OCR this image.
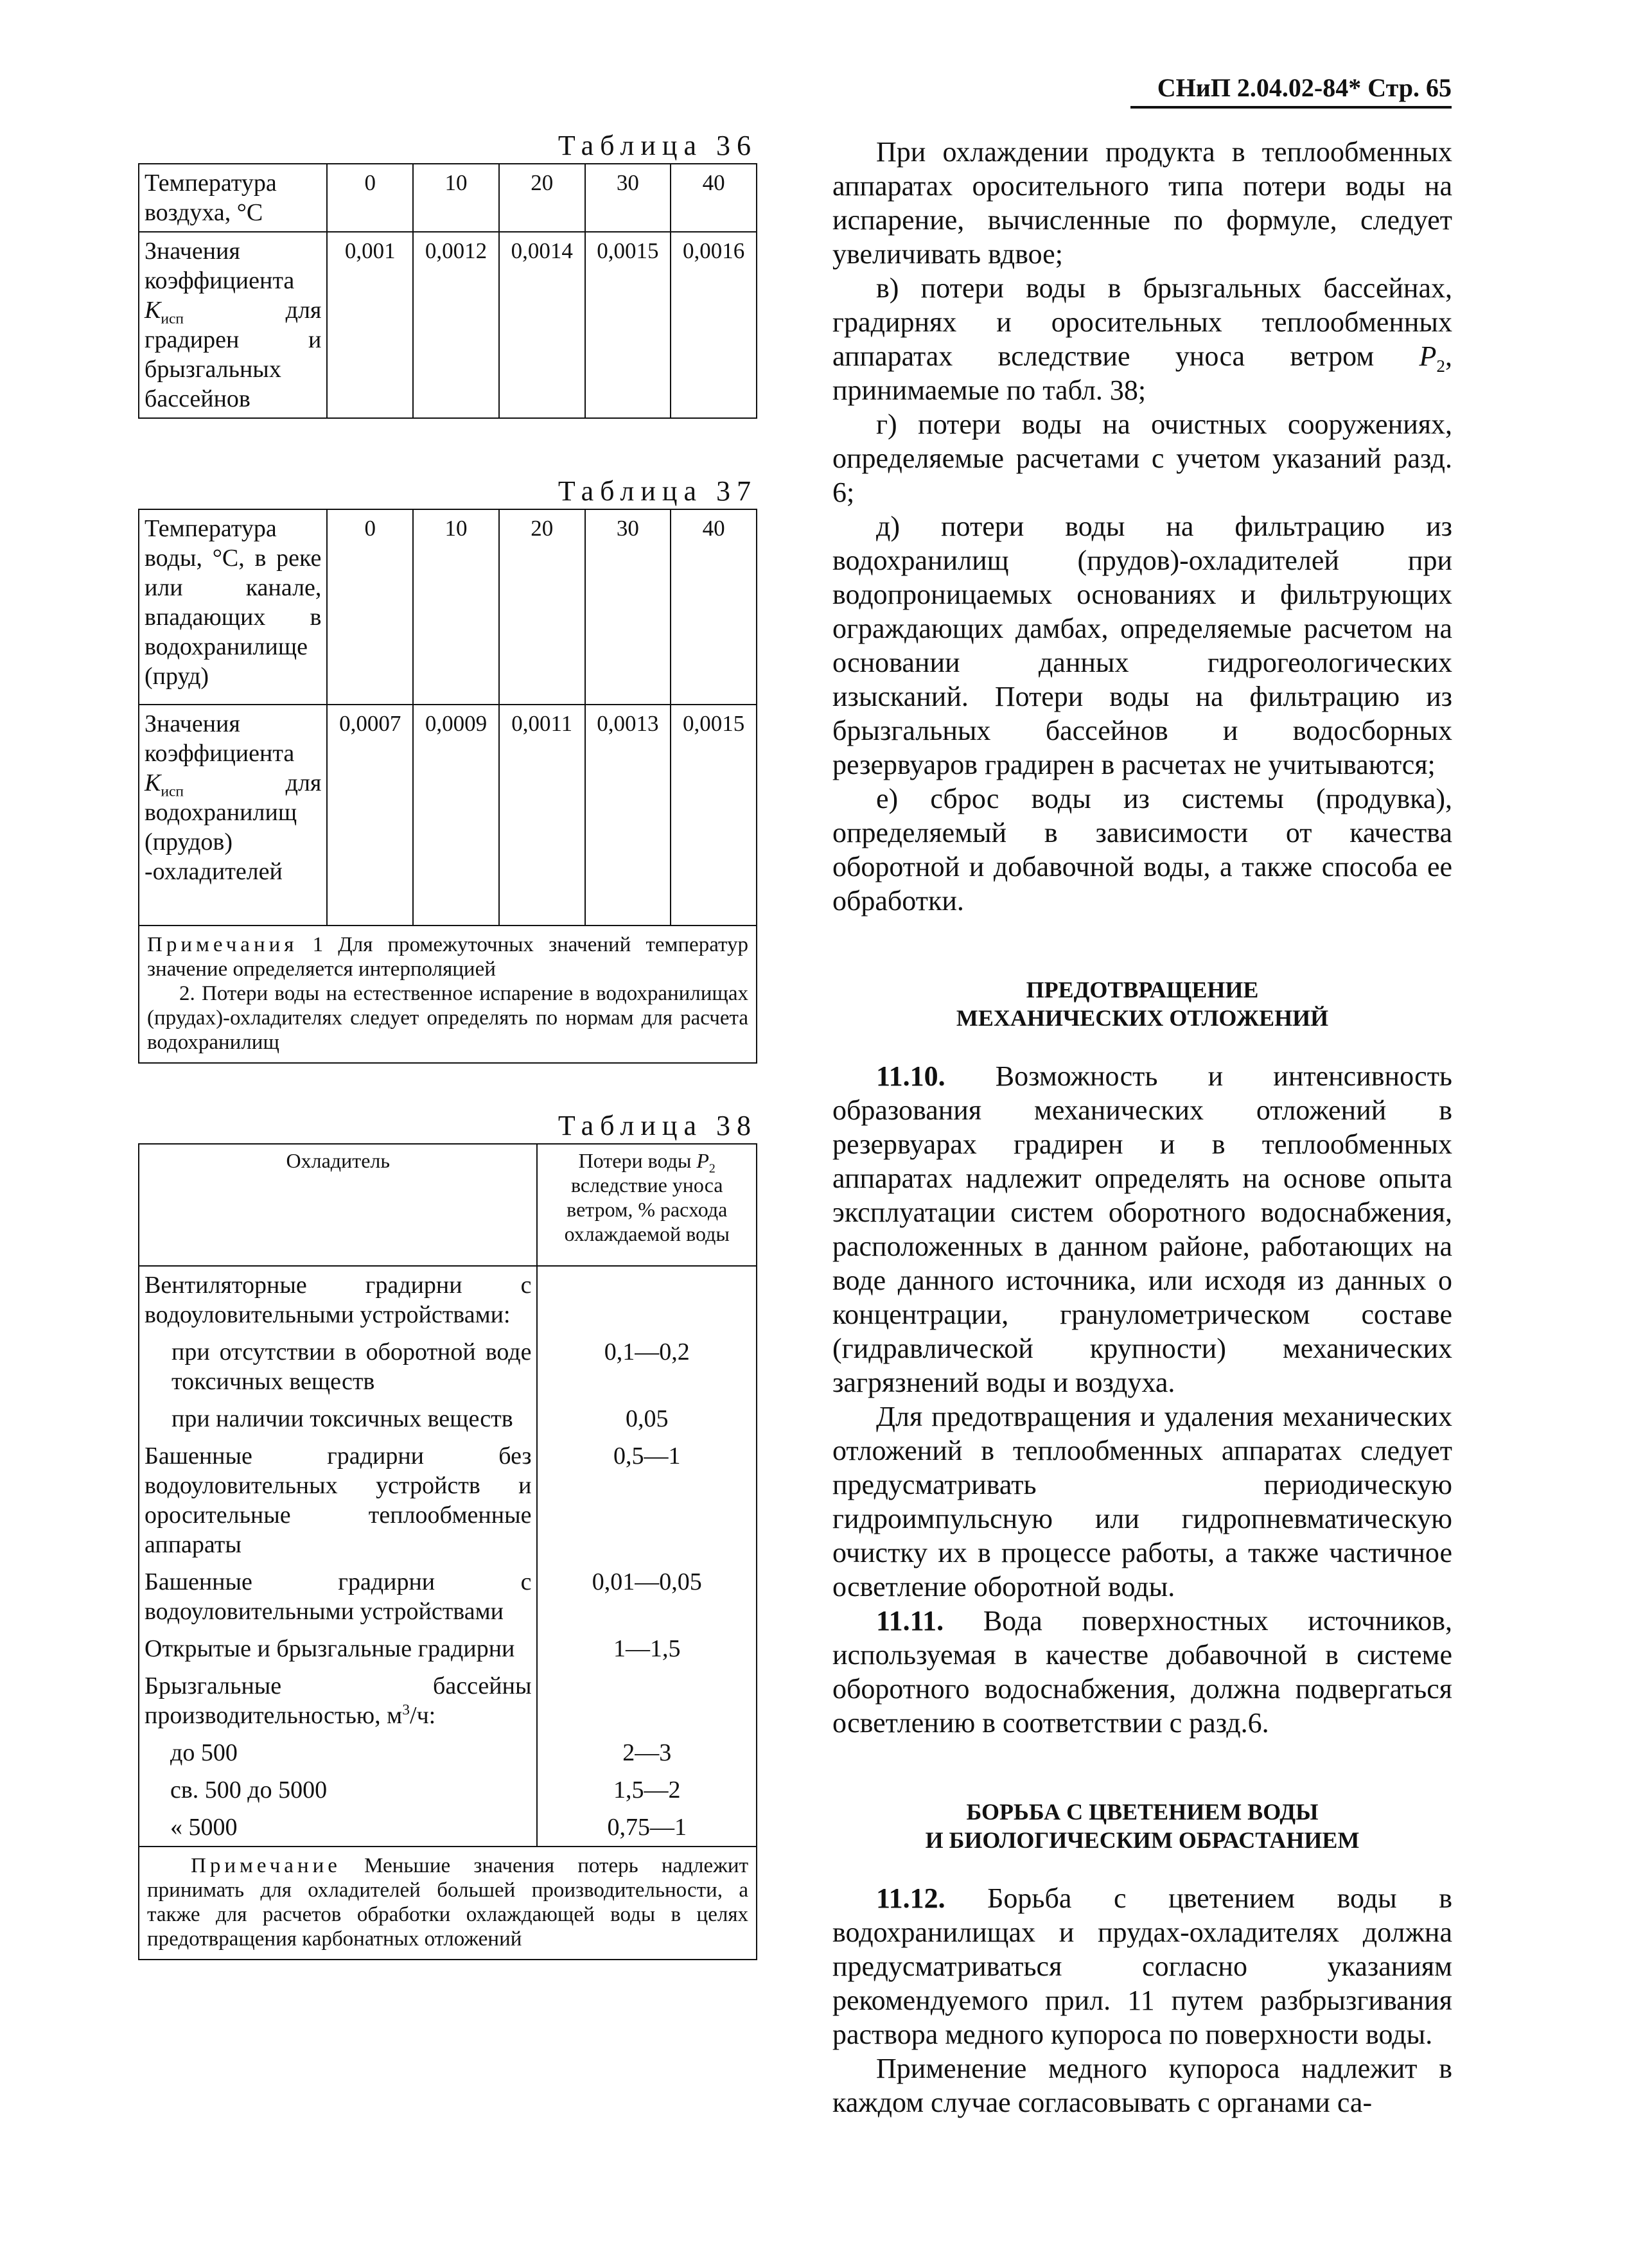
СНиП 2.04.02-84* Стр. 65
Таблица 36
Температура воздуха, °С	0	10	20	30	40
Значения коэффициента $K_{исп}$ для градирен и брызгальных бассейнов	0,001	0,0012	0,0014	0,0015	0,0016
Таблица 37
Температура воды, °С, в реке или канале, впадающих в водохранилище (пруд)	0	10	20	30	40
Значения коэффициента $K_{исп}$ для водохранилищ (прудов) -охладителей	0,0007	0,0009	0,0011	0,0013	0,0015
Примечания 1 Для промежуточных значений температур значение определяется интерполяцией
2. Потери воды на естественное испарение в водохранилищах (прудах)-охладителях следует определять по нормам для расчета водохранилищ
Таблица 38
Охладитель	Потери воды $P_2$ вследствие уноса ветром, % расхода охлаждаемой воды
Вентиляторные градирни с водоуловительными устройствами:	
при отсутствии в оборотной воде токсичных веществ	0,1—0,2
при наличии токсичных веществ	0,05
Башенные градирни без водоуловительных устройств и оросительные теплообменные аппараты	0,5—1
Башенные градирни с водоуловительными устройствами	0,01—0,05
Открытые и брызгальные градирни	1—1,5
Брызгальные бассейны производительностью, $м^3/ч$:	
до 500	2—3
св. 500 до 5000	1,5—2
« 5000	0,75—1
Примечание Меньшие значения потерь надлежит принимать для охладителей большей производительности, а также для расчетов обработки охлаждающей воды в целях предотвращения карбонатных отложений

При охлаждении продукта в теплообменных аппаратах оросительного типа потери воды на испарение, вычисленные по формуле, следует увеличивать вдвое;

в) потери воды в брызгальных бассейнах, градирнях и оросительных теплообменных аппаратах вследствие уноса ветром $P_2$, принимаемые по табл. 38;

г) потери воды на очистных сооружениях, определяемые расчетами с учетом указаний разд. 6;

д) потери воды на фильтрацию из водохранилищ (прудов)-охладителей при водопроницаемых основаниях и фильтрующих ограждающих дамбах, определяемые расчетом на основании данных гидрогеологических изысканий. Потери воды на фильтрацию из брызгальных бассейнов и водосборных резервуаров градирен в расчетах не учитываются;

е) сброс воды из системы (продувка), определяемый в зависимости от качества оборотной и добавочной воды, а также способа ее обработки.

ПРЕДОТВРАЩЕНИЕ

МЕХАНИЧЕСКИХ ОТЛОЖЕНИЙ

11.10. Возможность и интенсивность образования механических отложений в резервуарах градирен и в теплообменных аппаратах надлежит определять на основе опыта эксплуатации систем оборотного водоснабжения, расположенных в данном районе, работающих на воде данного источника, или исходя из данных о концентрации, гранулометрическом составе (гидравлической крупности) механических загрязнений воды и воздуха.

Для предотвращения и удаления механических отложений в теплообменных аппаратах следует предусматривать периодическую гидроимпульсную или гидропневматическую очистку их в процессе работы, а также частичное осветление оборотной воды.

11.11. Вода поверхностных источников, используемая в качестве добавочной в системе оборотного водоснабжения, должна подвергаться осветлению в соответствии с разд.6.

БОРЬБА С ЦВЕТЕНИЕМ ВОДЫ

И БИОЛОГИЧЕСКИМ ОБРАСТАНИЕМ

11.12. Борьба с цветением воды в водохранилищах и прудах-охладителях должна предусматриваться согласно указаниям рекомендуемого прил. 11 путем разбрызгивания раствора медного купороса по поверхности воды.

Применение медного купороса надлежит в каждом случае согласовывать с органами са-
